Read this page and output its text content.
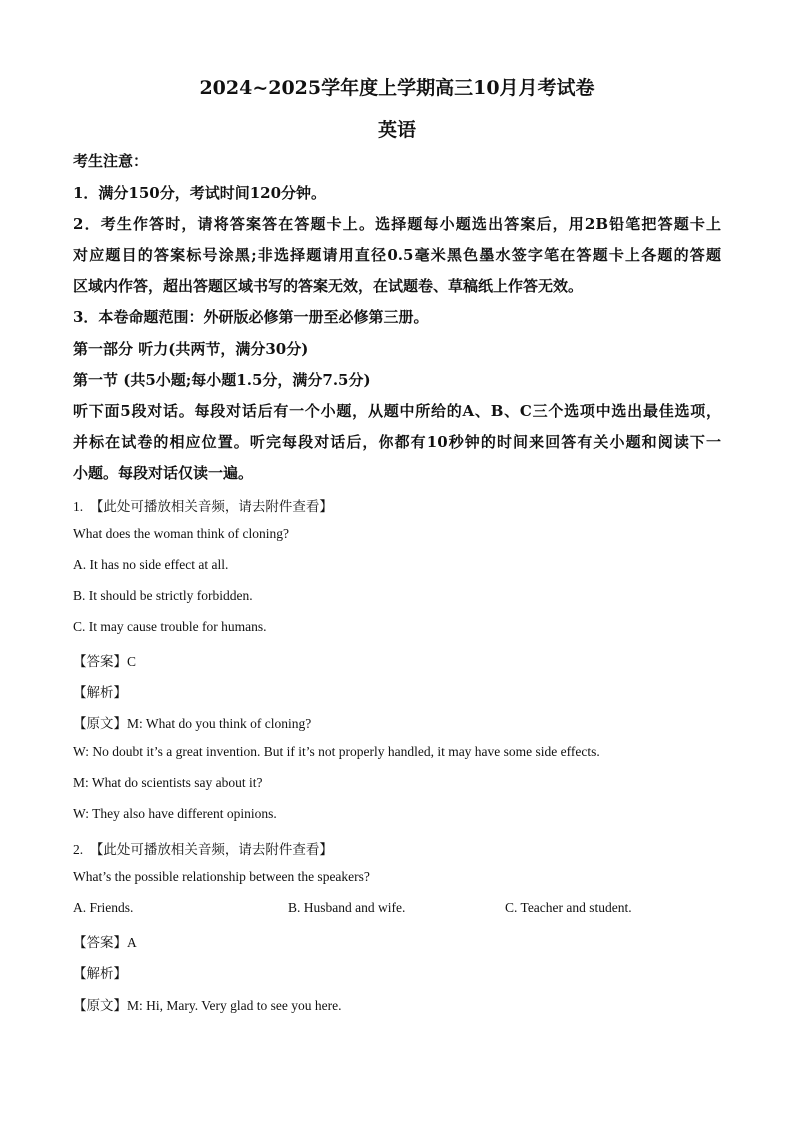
2024~2025学年度上学期高三10月月考试卷
英语
考生注意：
1．满分150分，考试时间120分钟。
2．考生作答时，请将答案答在答题卡上。选择题每小题选出答案后，用2B铅笔把答题卡上
对应题目的答案标号涂黑;非选择题请用直径0.5毫米黑色墨水签字笔在答题卡上各题的答题
区域内作答，超出答题区域书写的答案无效，在试题卷、草稿纸上作答无效。
3．本卷命题范围：外研版必修第一册至必修第三册。
第一部分 听力(共两节，满分30分)
第一节 (共5小题;每小题1.5分，满分7.5分)
听下面5段对话。每段对话后有一个小题，从题中所给的A、B、C三个选项中选出最佳选项，
并标在试卷的相应位置。听完每段对话后，你都有10秒钟的时间来回答有关小题和阅读下一
小题。每段对话仅读一遍。
1. 【此处可播放相关音频，请去附件查看】
What does the woman think of cloning?
A. It has no side effect at all.
B. It should be strictly forbidden.
C. It may cause trouble for humans.
【答案】C
【解析】
【原文】M: What do you think of cloning?
W: No doubt it’s a great invention. But if it’s not properly handled, it may have some side effects.
M: What do scientists say about it?
W: They also have different opinions.
2. 【此处可播放相关音频，请去附件查看】
What’s the possible relationship between the speakers?
A. Friends.	B. Husband and wife.	C. Teacher and student.
【答案】A
【解析】
【原文】M: Hi, Mary. Very glad to see you here.
